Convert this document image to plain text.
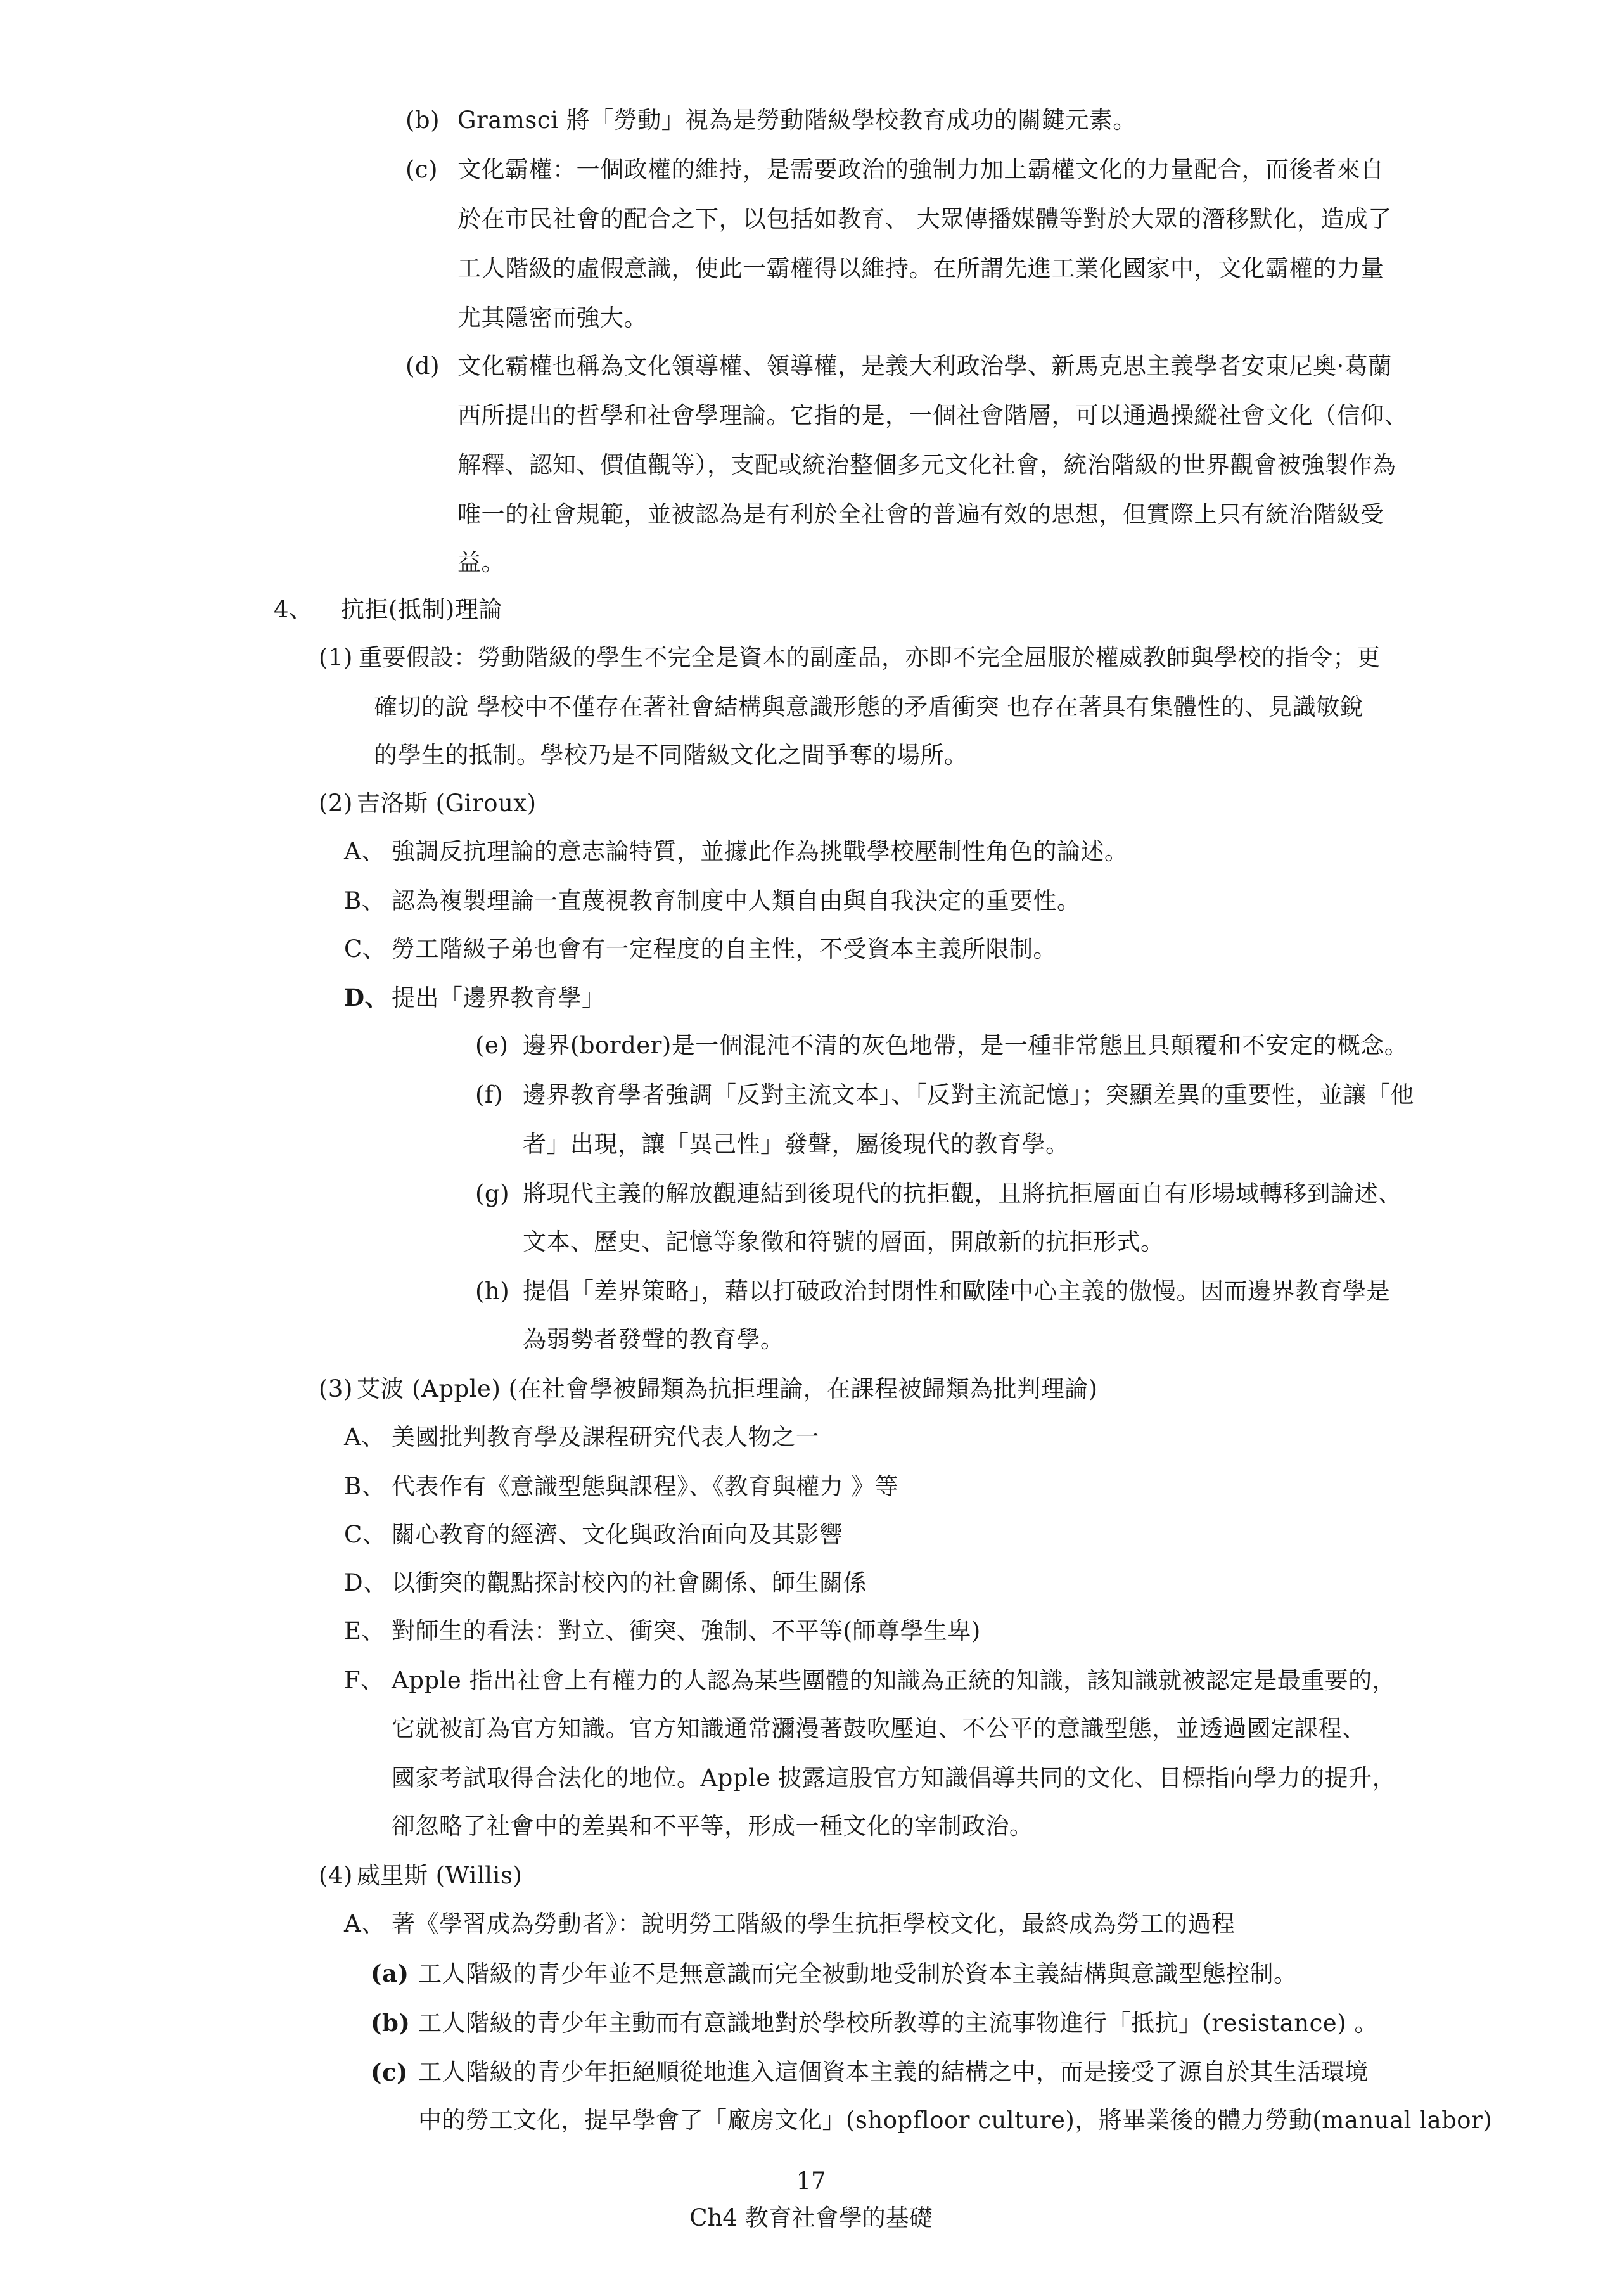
(b) Gramsci 將「勞動」視為是勞動階級學校教育成功的關鍵元素。
(c) 文化霸權：一個政權的維持，是需要政治的強制力加上霸權文化的力量配合，而後者來自
於在市民社會的配合之下，以包括如教育、 大眾傳播媒體等對於大眾的潛移默化，造成了
工人階級的虛假意識，使此一霸權得以維持。在所謂先進工業化國家中，文化霸權的力量
尤其隱密而強大。
(d) 文化霸權也稱為文化領導權、領導權，是義大利政治學、新馬克思主義學者安東尼奧·葛蘭
西所提出的哲學和社會學理論。它指的是，一個社會階層，可以通過操縱社會文化（信仰、
解釋、認知、價值觀等），支配或統治整個多元文化社會，統治階級的世界觀會被強製作為
唯一的社會規範，並被認為是有利於全社會的普遍有效的思想，但實際上只有統治階級受
益。
4、 抗拒(抵制)理論
(1) 重要假設：勞動階級的學生不完全是資本的副產品，亦即不完全屈服於權威教師與學校的指令；更
確切的說 學校中不僅存在著社會結構與意識形態的矛盾衝突 也存在著具有集體性的、見識敏銳
的學生的抵制。學校乃是不同階級文化之間爭奪的場所。
(2) 吉洛斯 (Giroux)
A、 強調反抗理論的意志論特質，並據此作為挑戰學校壓制性角色的論述。
B、 認為複製理論一直蔑視教育制度中人類自由與自我決定的重要性。
C、 勞工階級子弟也會有一定程度的自主性，不受資本主義所限制。
D、 提出「邊界教育學」
(e) 邊界(border)是一個混沌不清的灰色地帶，是一種非常態且具顛覆和不安定的概念。
(f) 邊界教育學者強調「反對主流文本」、「反對主流記憶」；突顯差異的重要性，並讓「他
者」出現，讓「異己性」發聲，屬後現代的教育學。
(g) 將現代主義的解放觀連結到後現代的抗拒觀，且將抗拒層面自有形場域轉移到論述、
文本、歷史、記憶等象徵和符號的層面，開啟新的抗拒形式。
(h) 提倡「差界策略」，藉以打破政治封閉性和歐陸中心主義的傲慢。因而邊界教育學是
為弱勢者發聲的教育學。
(3) 艾波 (Apple) (在社會學被歸類為抗拒理論，在課程被歸類為批判理論)
A、 美國批判教育學及課程研究代表人物之一
B、 代表作有《意識型態與課程》、《教育與權力 》等
C、 關心教育的經濟、文化與政治面向及其影響
D、 以衝突的觀點探討校內的社會關係、師生關係
E、 對師生的看法：對立、衝突、強制、不平等(師尊學生卑)
F、 Apple 指出社會上有權力的人認為某些團體的知識為正統的知識，該知識就被認定是最重要的，
它就被訂為官方知識。官方知識通常瀰漫著鼓吹壓迫、不公平的意識型態，並透過國定課程、
國家考試取得合法化的地位。Apple 披露這股官方知識倡導共同的文化、目標指向學力的提升，
卻忽略了社會中的差異和不平等，形成一種文化的宰制政治。
(4) 威里斯 (Willis)
A、 著《學習成為勞動者》：說明勞工階級的學生抗拒學校文化，最終成為勞工的過程
(a) 工人階級的青少年並不是無意識而完全被動地受制於資本主義結構與意識型態控制。
(b) 工人階級的青少年主動而有意識地對於學校所教導的主流事物進行「抵抗」(resistance) 。
(c) 工人階級的青少年拒絕順從地進入這個資本主義的結構之中，而是接受了源自於其生活環境
中的勞工文化，提早學會了「廠房文化」(shopfloor culture)，將畢業後的體力勞動(manual labor)
17
Ch4 教育社會學的基礎
